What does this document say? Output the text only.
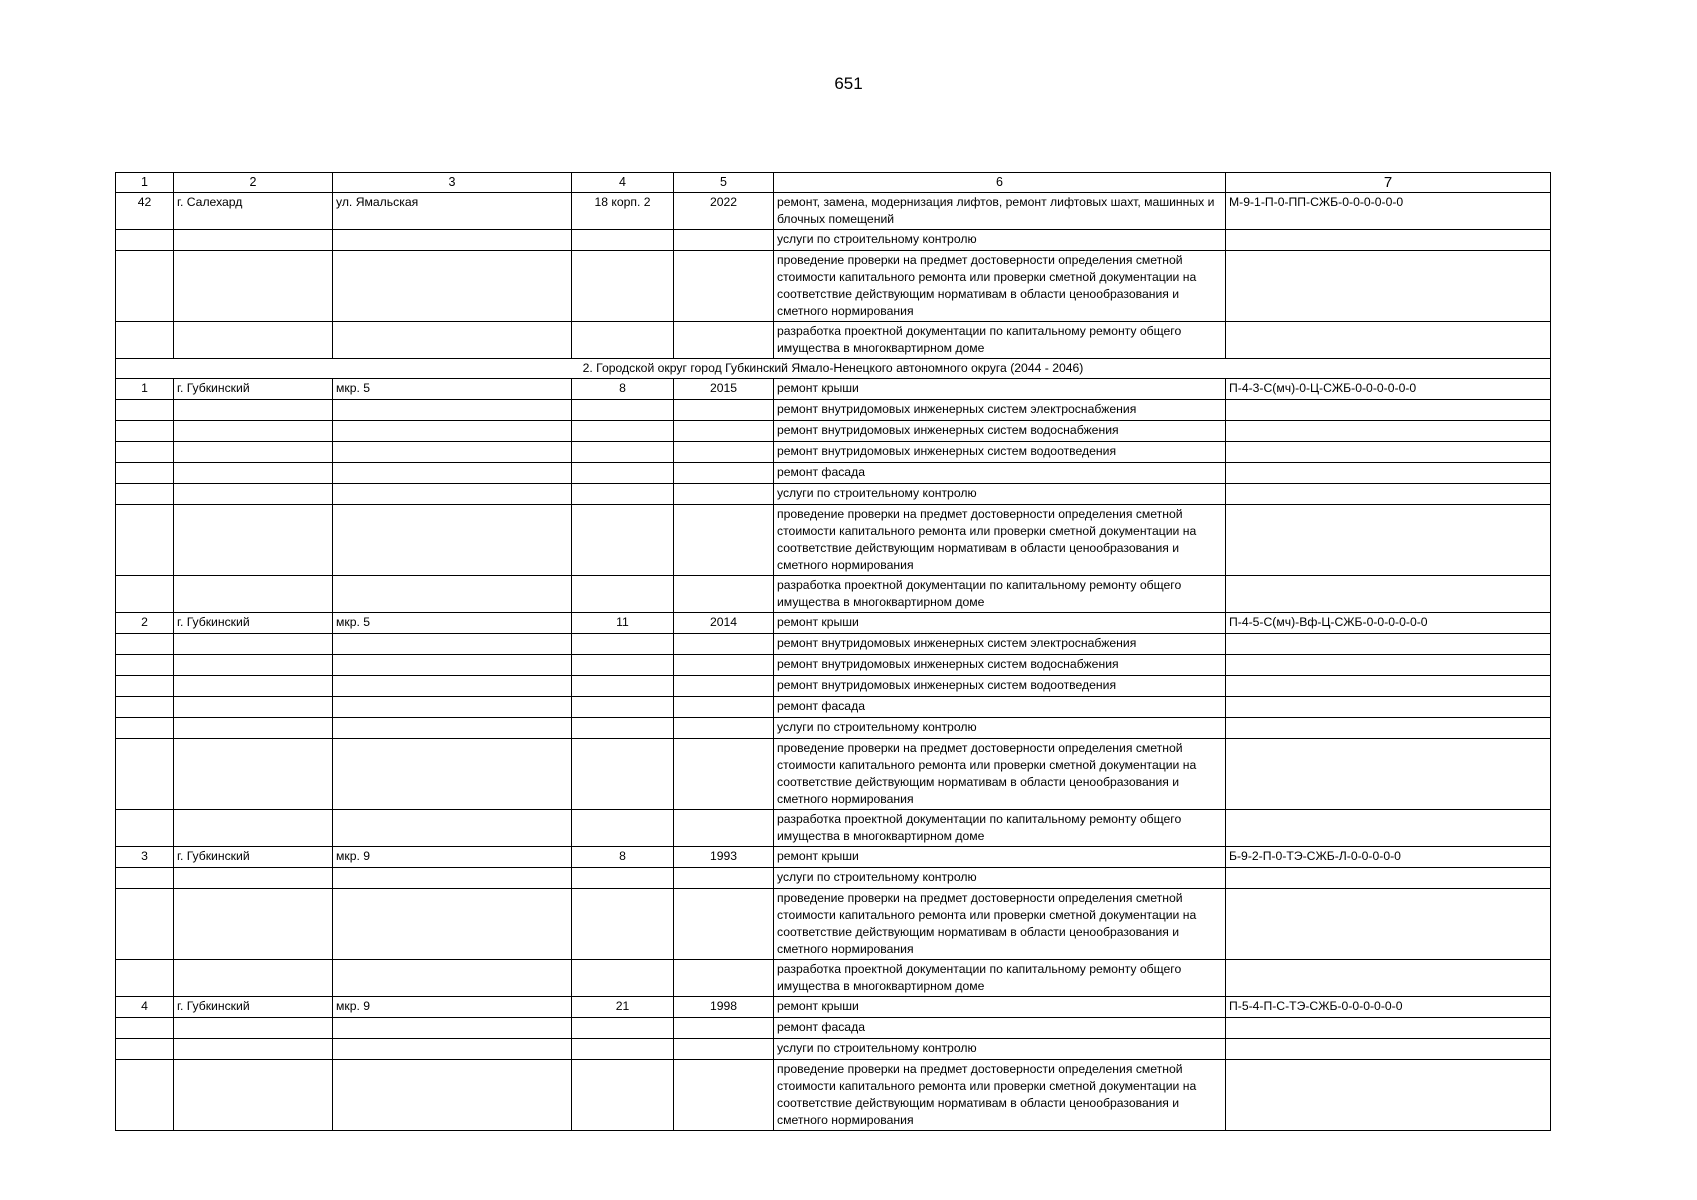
651
1	2	3	4	5	6	7
42	г. Салехард	ул. Ямальская	18 корп. 2	2022	ремонт, замена, модернизация лифтов, ремонт лифтовых шахт, машинных и блочных помещений	М-9-1-П-0-ПП-СЖБ-0-0-0-0-0-0
					услуги по строительному контролю	
					проведение проверки на предмет достоверности определения сметной стоимости капитального ремонта или проверки сметной документации на соответствие действующим нормативам в области ценообразования и сметного нормирования	
					разработка проектной документации по капитальному ремонту общего имущества в многоквартирном доме	
2. Городской округ город Губкинский Ямало-Ненецкого автономного округа (2044 - 2046)						
1	г. Губкинский	мкр. 5	8	2015	ремонт крыши	П-4-3-С(мч)-0-Ц-СЖБ-0-0-0-0-0-0
					ремонт внутридомовых инженерных систем электроснабжения	
					ремонт внутридомовых инженерных систем водоснабжения	
					ремонт внутридомовых инженерных систем водоотведения	
					ремонт фасада	
					услуги по строительному контролю	
					проведение проверки на предмет достоверности определения сметной стоимости капитального ремонта или проверки сметной документации на соответствие действующим нормативам в области ценообразования и сметного нормирования	
					разработка проектной документации по капитальному ремонту общего имущества в многоквартирном доме	
2	г. Губкинский	мкр. 5	11	2014	ремонт крыши	П-4-5-С(мч)-Вф-Ц-СЖБ-0-0-0-0-0-0
					ремонт внутридомовых инженерных систем электроснабжения	
					ремонт внутридомовых инженерных систем водоснабжения	
					ремонт внутридомовых инженерных систем водоотведения	
					ремонт фасада	
					услуги по строительному контролю	
					проведение проверки на предмет достоверности определения сметной стоимости капитального ремонта или проверки сметной документации на соответствие действующим нормативам в области ценообразования и сметного нормирования	
					разработка проектной документации по капитальному ремонту общего имущества в многоквартирном доме	
3	г. Губкинский	мкр. 9	8	1993	ремонт крыши	Б-9-2-П-0-ТЭ-СЖБ-Л-0-0-0-0-0
					услуги по строительному контролю	
					проведение проверки на предмет достоверности определения сметной стоимости капитального ремонта или проверки сметной документации на соответствие действующим нормативам в области ценообразования и сметного нормирования	
					разработка проектной документации по капитальному ремонту общего имущества в многоквартирном доме	
4	г. Губкинский	мкр. 9	21	1998	ремонт крыши	П-5-4-П-С-ТЭ-СЖБ-0-0-0-0-0-0
					ремонт фасада	
					услуги по строительному контролю	
					проведение проверки на предмет достоверности определения сметной стоимости капитального ремонта или проверки сметной документации на соответствие действующим нормативам в области ценообразования и сметного нормирования	
